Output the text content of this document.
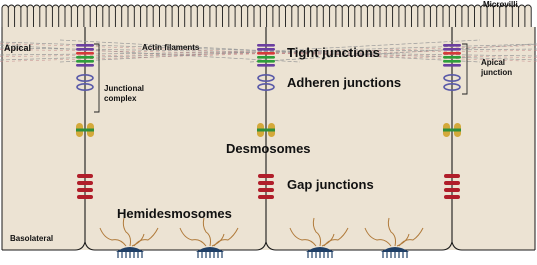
Microvilli
Apical	Actin filaments	Tight junctions
Adheren junctions
Junctional
complex
Apical
junction
Desmosomes
Gap junctions
Hemidesmosomes
Basolateral
